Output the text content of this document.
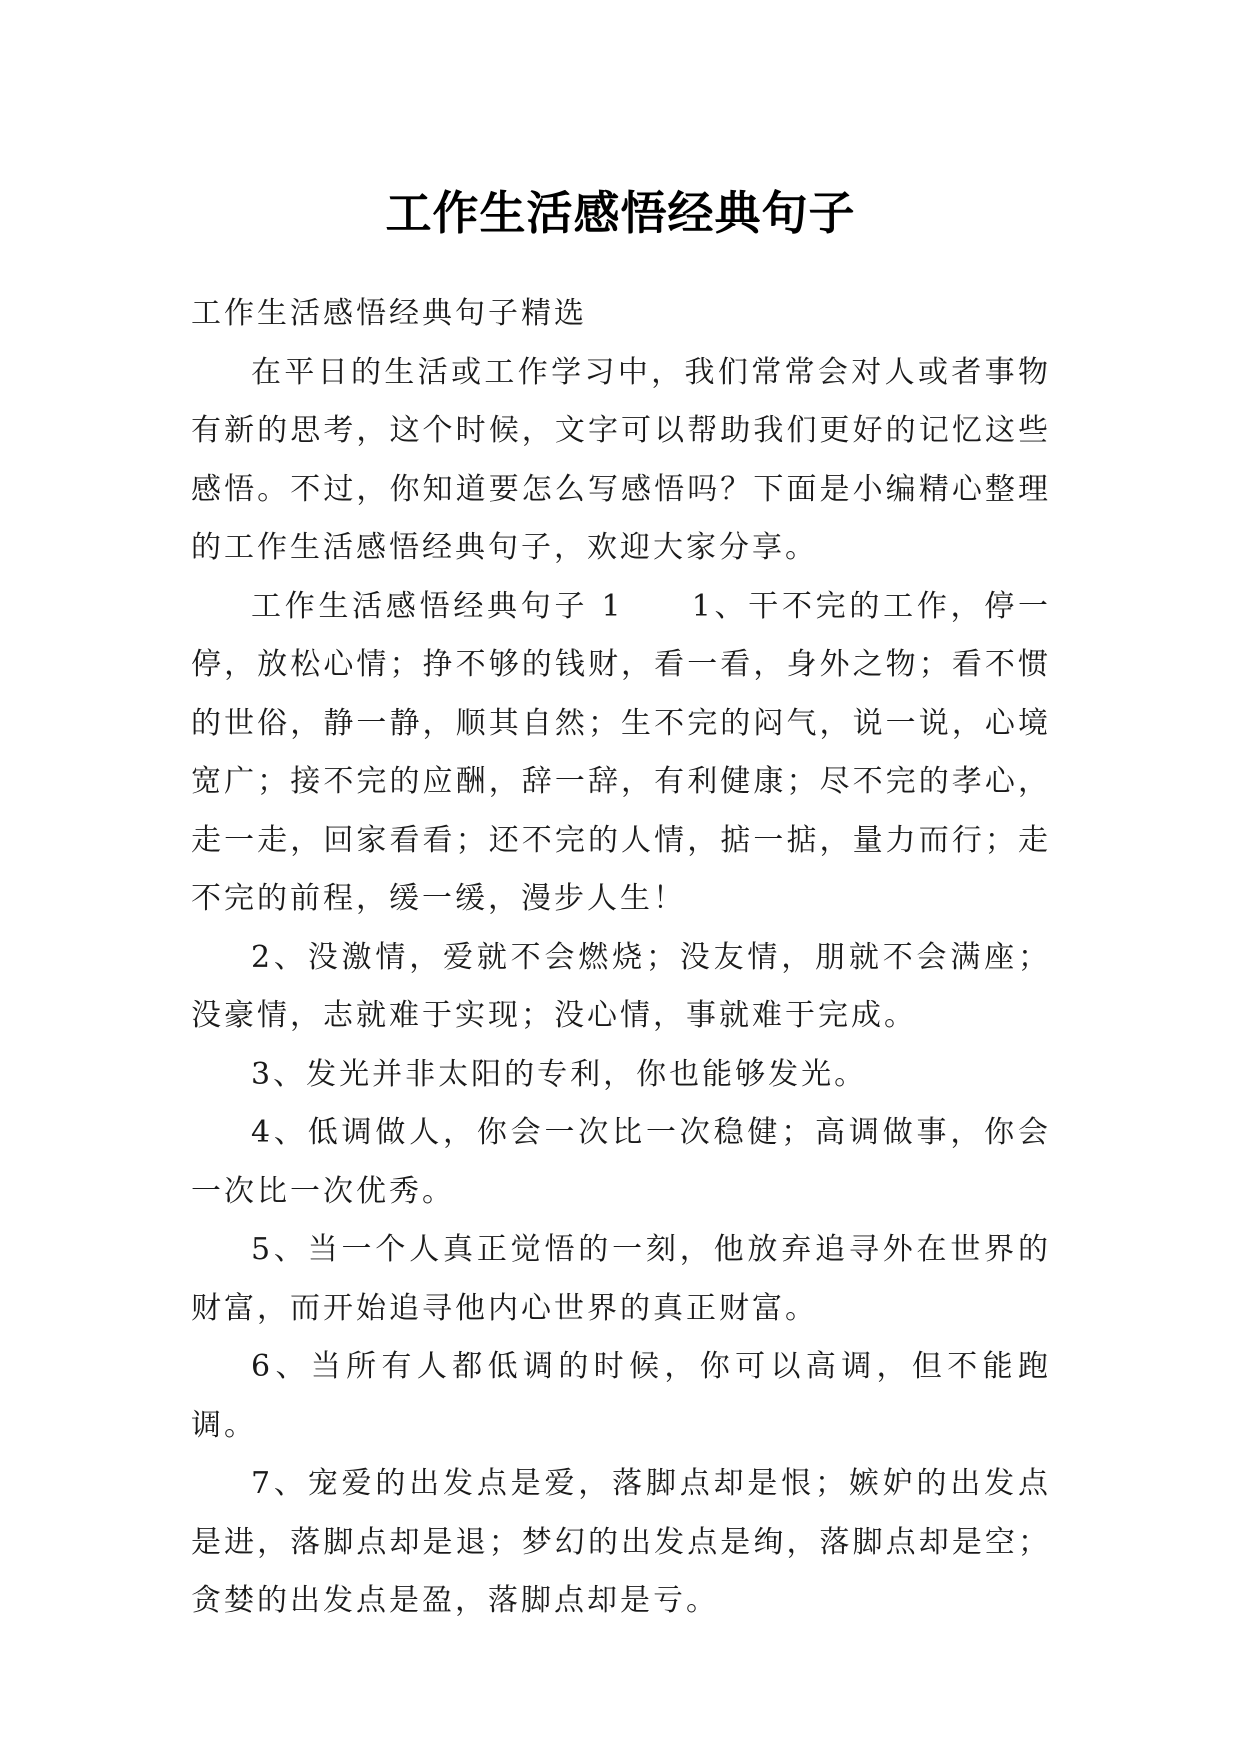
工作生活感悟经典句子

工作生活感悟经典句子精选

在平日的生活或工作学习中，我们常常会对人或者事物有新的思考，这个时候，文字可以帮助我们更好的记忆这些感悟。不过，你知道要怎么写感悟吗？下面是小编精心整理的工作生活感悟经典句子，欢迎大家分享。

工作生活感悟经典句子 1　　1、干不完的工作，停一停，放松心情；挣不够的钱财，看一看，身外之物；看不惯的世俗，静一静，顺其自然；生不完的闷气，说一说，心境宽广；接不完的应酬，辞一辞，有利健康；尽不完的孝心，走一走，回家看看；还不完的人情，掂一掂，量力而行；走不完的前程，缓一缓，漫步人生！

2、没激情，爱就不会燃烧；没友情，朋就不会满座；没豪情，志就难于实现；没心情，事就难于完成。

3、发光并非太阳的专利，你也能够发光。

4、低调做人，你会一次比一次稳健；高调做事，你会一次比一次优秀。

5、当一个人真正觉悟的一刻，他放弃追寻外在世界的财富，而开始追寻他内心世界的真正财富。

6、当所有人都低调的时候，你可以高调，但不能跑调。

7、宠爱的出发点是爱，落脚点却是恨；嫉妒的出发点是进，落脚点却是退；梦幻的出发点是绚，落脚点却是空；贪婪的出发点是盈，落脚点却是亏。
